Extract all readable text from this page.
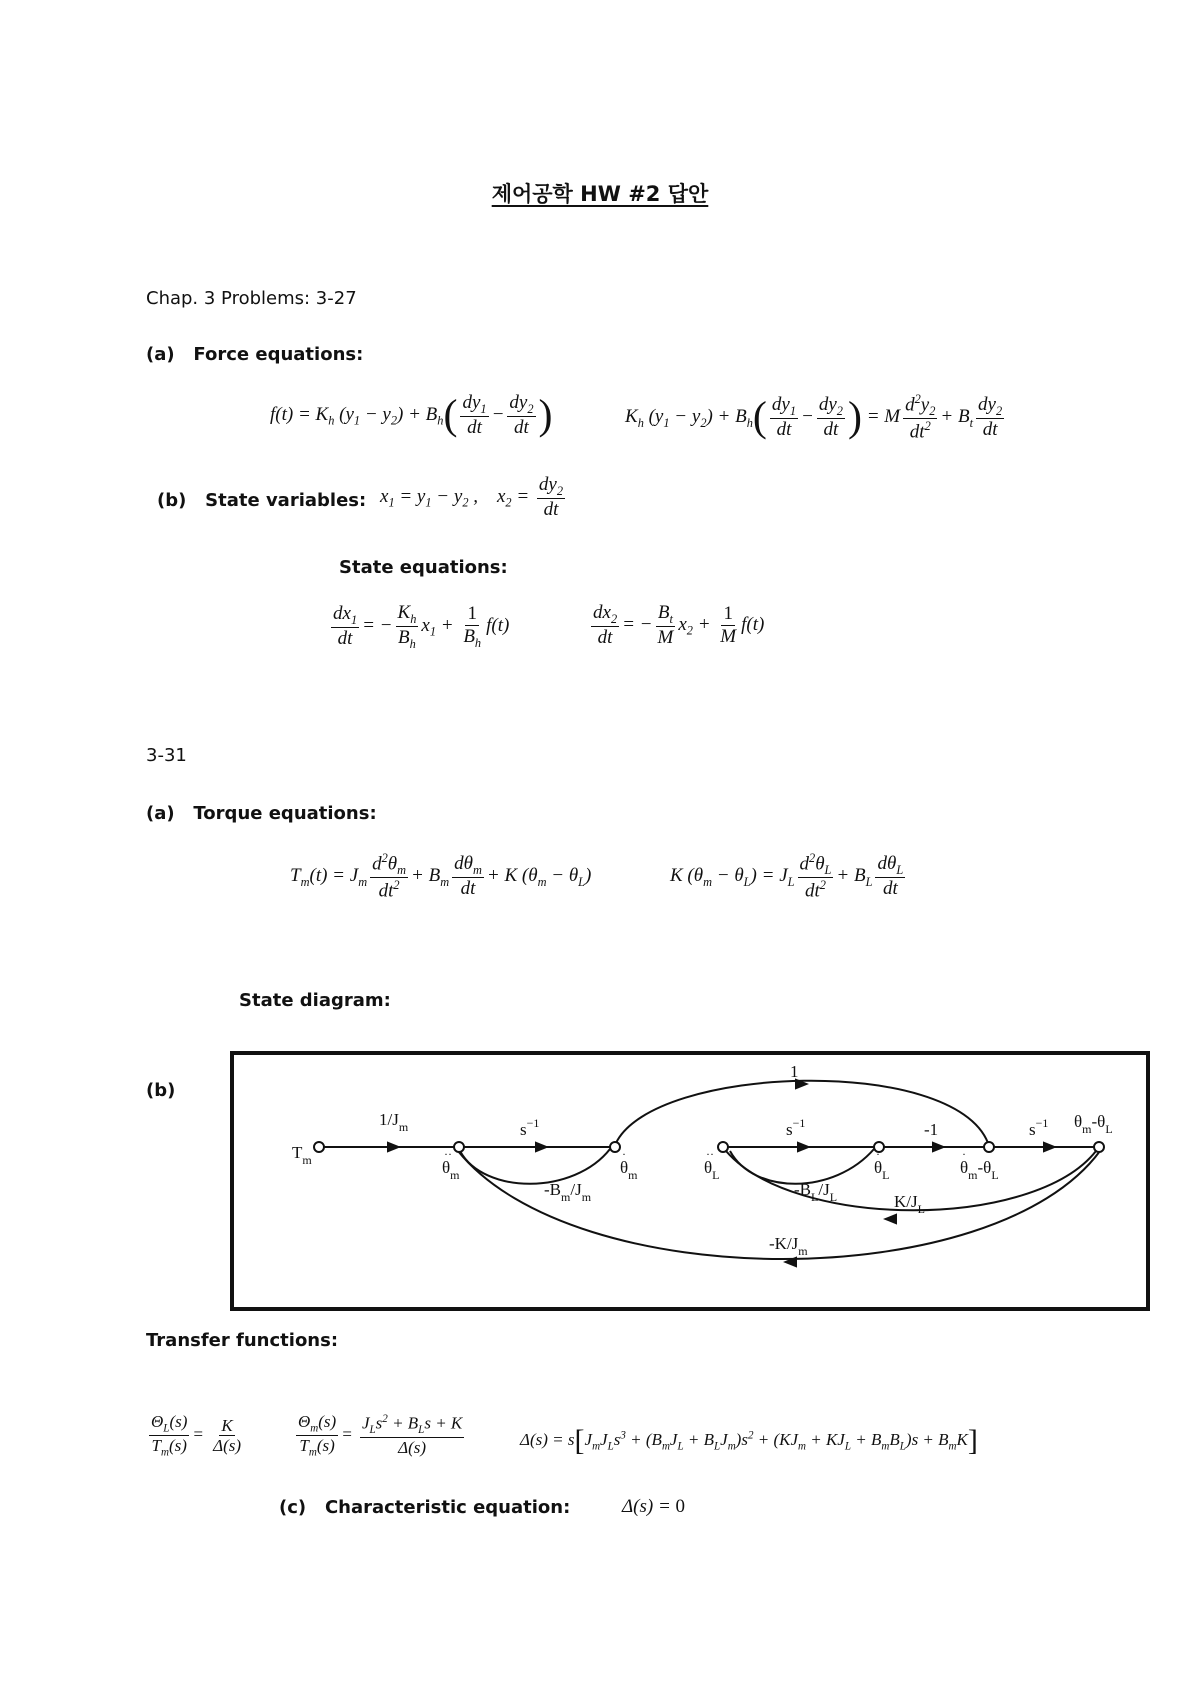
제어공학 HW #2 답안
Chap. 3 Problems: 3-27
(a) Force equations:
$f(t) = K_h$ $(y_1 - y_2) + B_h( \frac{dy_1}{dt} - \frac{dy_2}{dt}$ )	$K_h$ $(y_1 - y_2) + B_h( \frac{dy_1}{dt} - \frac{dy_2}{dt}$ ) = M $\frac{d^2y_2}{dt^2} + B_t \frac{dy_2}{dt}$
(b) State variables: $x_1 = y_1 - y_2$ ,    $x_2 = \frac{dy_2}{dt}$
State equations:
$\frac{dx_1}{dt}$ = − $\frac{K_h}{B_h} x_1 + \frac{1}{B_h} f(t)$	$\frac{dx_2}{dt}$ = − $\frac{B_t}{M} x_2 + \frac{1}{M} f(t)$
3-31
(a) Torque equations:
$T_m(t) = J_m \frac{d^2\theta_m}{dt^2} + B_m \frac{d\theta_m}{dt} + K$ $(\theta_m - \theta_L)$	K $(\theta_m - \theta_L) = J_L \frac{d^2\theta_L}{dt^2} + B_L \frac{d\theta_L}{dt}$
State diagram:
(b)
$T_m$	$\theta_m$	$\theta_m$	$\theta_L$	$\theta_L$	$\theta_m-\theta_L$
$\theta_m-\theta_L$
··	·	··	·	·
$1/J_m$	$s^{-1}$	$s^{-1}$	$s^{-1}$
-1
1
$-B_m/J_m$	$-B_L/J_L$	$K/J_L$
$-K/J_m$
Transfer functions:
$\frac{\Theta_L(s)}{T_m(s)} = \frac{K}{\Delta(s)}$	$\frac{\Theta_m(s)}{T_m(s)} = \frac{J_Ls^2 + B_Ls + K}{\Delta(s)}$	$\Delta(s) = s[J_mJ_Ls^3 + (B_mJ_L + B_LJ_m)s^2 + (KJ_m + KJ_L + B_mB_L)s + B_mK]$
(c) Characteristic equation:	Δ(s) = 0
